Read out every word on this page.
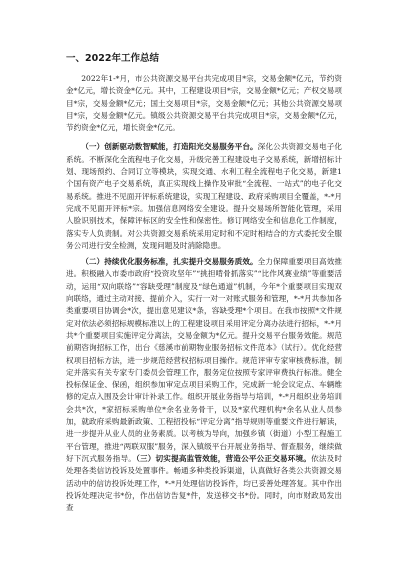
一、2022年工作总结

2022年1-*月，市公共资源交易平台共完成项目*宗，交易金额*亿元，节约资金*亿元，增长资金*亿元。其中，工程建设项目*宗，交易金额*亿元；产权交易项目*宗，交易金额*亿元；国土交易项目*宗，交易金额*亿元；其他公共资源交易项目*宗，交易金额*亿元。镇级公共资源交易平台共完成项目*宗，交易金额*亿元，节约资金*亿元，增长资金*亿元。

（一）创新驱动数智赋能，打造阳光交易服务平台。深化公共资源交易电子化系统。不断深化全流程电子化交易，升级完善工程建设电子交易系统，新增招标计划、现场预约、合同订立等模块，实现交通、水利工程全流程电子化交易，新建1个国有资产电子交易系统，真正实现线上操作及审批“全流程、一站式”的电子化交易系统。推进不见面开评标系统建设，实现工程建设、政府采购项目全覆盖，*-*月完成不见面开评标*宗。加强信息网络安全建设。提升交易场所智能化管理，采用人脸识别技术，保障评标区的安全性和保密性。修订网络安全和信息化工作制度，落实专人负责制。对公共资源交易系统采用定时和不定时相结合的方式委托安全服务公司进行安全检测，发现问题及时消除隐患。

（二）持续优化服务标准，扎实提升交易服务质效。全力保障重要项目高效推进。积极融入市委市政府“投资攻坚年”“挑担啃骨抓落实”“比作风赛业绩”等重要活动，运用“双向联络”“容缺受理”制度及“绿色通道”机制，今年*个重要项目实现双向联络，通过主动对接、提前介入，实行一对一对账式服务和管理，*-*月共参加各类重要项目协调会*次，提出意见建议*条，容缺受理*个项目。在我市按照*文件规定对依法必须招标规模标准以上的工程建设项目采用评定分离办法进行招标，*-*月共*个重要项目实施评定分离法，交易金额为*亿元。提升交易平台服务效能。规范前期咨询招标工作，出台《慈溪市前期物业服务招标文件范本》（试行）。优化经营权项目招标方法，进一步规范经营权招标项目操作。规范评审专家审核费标准，制定并落实有关专家专门委员会管理工作，服务定位按照专家评审费执行标准。健全投标保证金、保函，组织参加审定点项目采购工作，完成新一轮会议定点、车辆维修的定点入围及会计审计补录工作。组织开展业务指导与培训，*-*月组织业务培训会共*次，*家招标采购单位*余名业务骨干，以及*家代理机构*余名从业人员参加，就政府采购最新政策、工程招投标“评定分离”指导规则等重要文件进行解读，进一步提升从业人员的业务素质。以考核为导向，加强乡镇（街道）小型工程施工平台管理，推进“两联双服”服务，深入镇级平台开展业务指导、督查服务，继续做好下沉式服务指导。（三）切实提高监管效能，营造公平公正交易环境。依法及时处理各类信访投诉及处置事件。畅通多种类投诉渠道，认真做好各类公共资源交易活动中的信访投诉处理工作，*-*月处理信访投诉件，均已妥善处理答复。其中作出投诉处理决定书*份，作出信访告复*件，发送移交书*份。同时，向市财政局发出查
